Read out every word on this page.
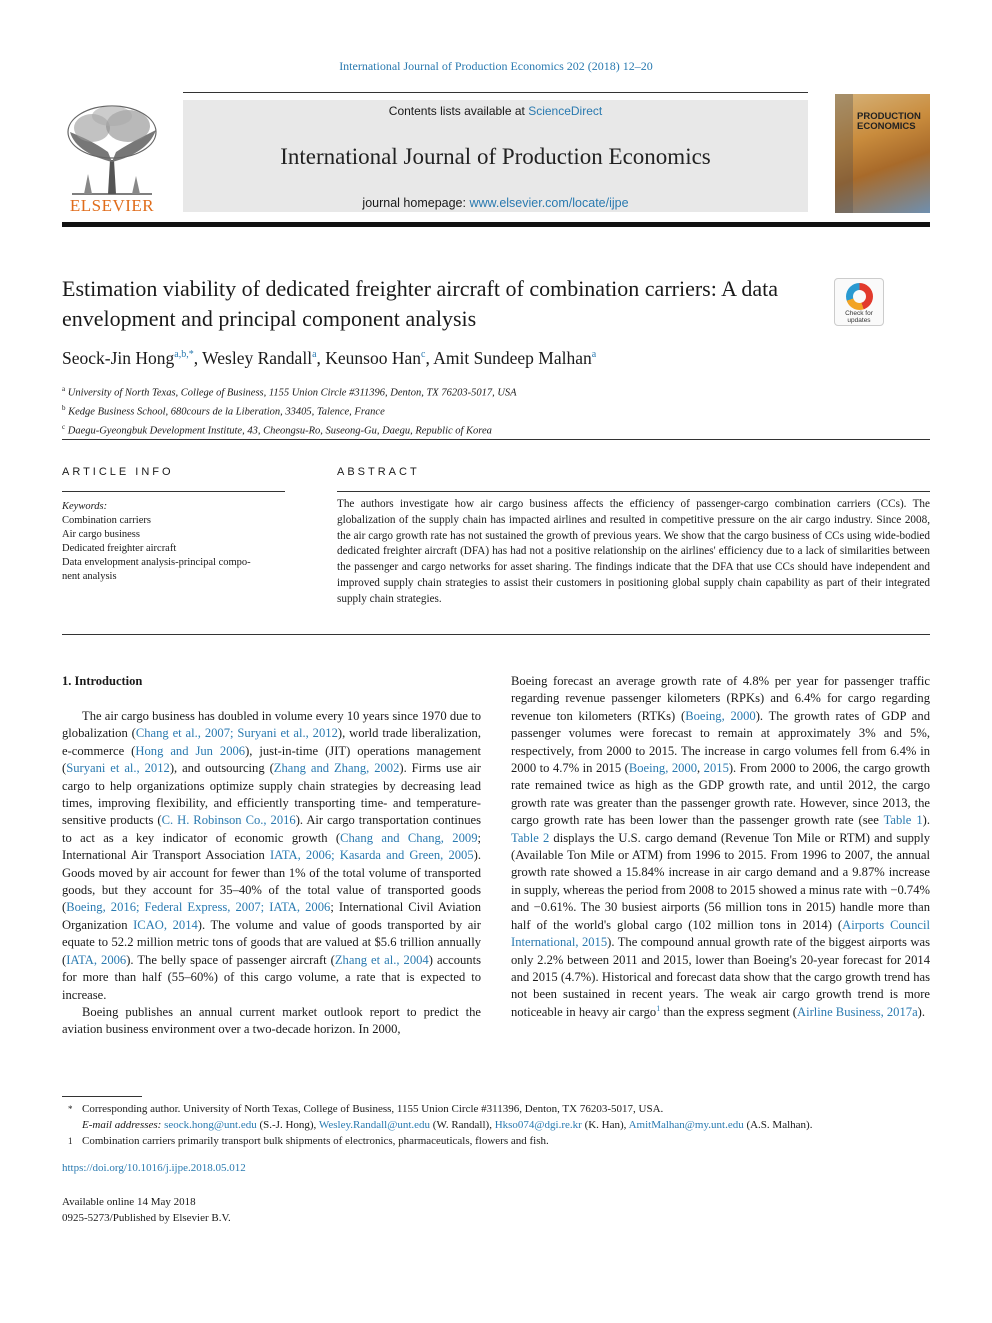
International Journal of Production Economics 202 (2018) 12–20
ELSEVIER
Contents lists available at ScienceDirect
International Journal of Production Economics
journal homepage: www.elsevier.com/locate/ijpe
PRODUCTION
ECONOMICS
Estimation viability of dedicated freighter aircraft of combination carriers: A data envelopment and principal component analysis	Check for
updates
Seock-Jin Hong$^{a,b,*}$, Wesley Randall$^a$, Keunsoo Han$^c$, Amit Sundeep Malhan$^a$
$^a$ University of North Texas, College of Business, 1155 Union Circle #311396, Denton, TX 76203-5017, USA
$^b$ Kedge Business School, 680cours de la Liberation, 33405, Talence, France
$^c$ Daegu-Gyeongbuk Development Institute, 43, Cheongsu-Ro, Suseong-Gu, Daegu, Republic of Korea
ARTICLE INFO
Keywords:
Combination carriers
Air cargo business
Dedicated freighter aircraft
Data envelopment analysis-principal compo-
nent analysis
ABSTRACT
The authors investigate how air cargo business affects the efficiency of passenger-cargo combination carriers (CCs). The globalization of the supply chain has impacted airlines and resulted in competitive pressure on the air cargo industry. Since 2008, the air cargo growth rate has not sustained the growth of previous years. We show that the cargo business of CCs using wide-bodied dedicated freighter aircraft (DFA) has had not a positive relationship on the airlines' efficiency due to a lack of similarities between the passenger and cargo networks for asset sharing. The findings indicate that the DFA that use CCs should have independent and improved supply chain strategies to assist their customers in positioning global supply chain capability as part of their integrated supply chain strategies.
1. Introduction

The air cargo business has doubled in volume every 10 years since 1970 due to globalization (Chang et al., 2007; Suryani et al., 2012), world trade liberalization, e-commerce (Hong and Jun 2006), just-in-time (JIT) operations management (Suryani et al., 2012), and outsourcing (Zhang and Zhang, 2002). Firms use air cargo to help organizations optimize supply chain strategies by decreasing lead times, improving flexibility, and efficiently transporting time- and temperature-sensitive products (C. H. Robinson Co., 2016). Air cargo transportation continues to act as a key indicator of economic growth (Chang and Chang, 2009; International Air Transport Association IATA, 2006; Kasarda and Green, 2005). Goods moved by air account for fewer than 1% of the total volume of transported goods, but they account for 35–40% of the total value of transported goods (Boeing, 2016; Federal Express, 2007; IATA, 2006; International Civil Aviation Organization ICAO, 2014). The volume and value of goods transported by air equate to 52.2 million metric tons of goods that are valued at $5.6 trillion annually (IATA, 2006). The belly space of passenger aircraft (Zhang et al., 2004) accounts for more than half (55–60%) of this cargo volume, a rate that is expected to increase.

Boeing publishes an annual current market outlook report to predict the aviation business environment over a two-decade horizon. In 2000,

Boeing forecast an average growth rate of 4.8% per year for passenger traffic regarding revenue passenger kilometers (RPKs) and 6.4% for cargo regarding revenue ton kilometers (RTKs) (Boeing, 2000). The growth rates of GDP and passenger volumes were forecast to remain at approximately 3% and 5%, respectively, from 2000 to 2015. The increase in cargo volumes fell from 6.4% in 2000 to 4.7% in 2015 (Boeing, 2000, 2015). From 2000 to 2006, the cargo growth rate remained twice as high as the GDP growth rate, and until 2012, the cargo growth rate was greater than the passenger growth rate. However, since 2013, the cargo growth rate has been lower than the passenger growth rate (see Table 1). Table 2 displays the U.S. cargo demand (Revenue Ton Mile or RTM) and supply (Available Ton Mile or ATM) from 1996 to 2015. From 1996 to 2007, the annual growth rate showed a 15.84% increase in air cargo demand and a 9.87% increase in supply, whereas the period from 2008 to 2015 showed a minus rate with −0.74% and −0.61%. The 30 busiest airports (56 million tons in 2015) handle more than half of the world's global cargo (102 million tons in 2014) (Airports Council International, 2015). The compound annual growth rate of the biggest airports was only 2.2% between 2011 and 2015, lower than Boeing's 20-year forecast for 2014 and 2015 (4.7%). Historical and forecast data show that the cargo growth trend has not been sustained in recent years. The weak air cargo growth trend is more noticeable in heavy air cargo$^1$ than the express segment (Airline Business, 2017a).

* Corresponding author. University of North Texas, College of Business, 1155 Union Circle #311396, Denton, TX 76203-5017, USA.
E-mail addresses: seock.hong@unt.edu (S.-J. Hong), Wesley.Randall@unt.edu (W. Randall), Hkso074@dgi.re.kr (K. Han), AmitMalhan@my.unt.edu (A.S. Malhan).
1 Combination carriers primarily transport bulk shipments of electronics, pharmaceuticals, flowers and fish.
https://doi.org/10.1016/j.ijpe.2018.05.012
Available online 14 May 2018
0925-5273/Published by Elsevier B.V.
